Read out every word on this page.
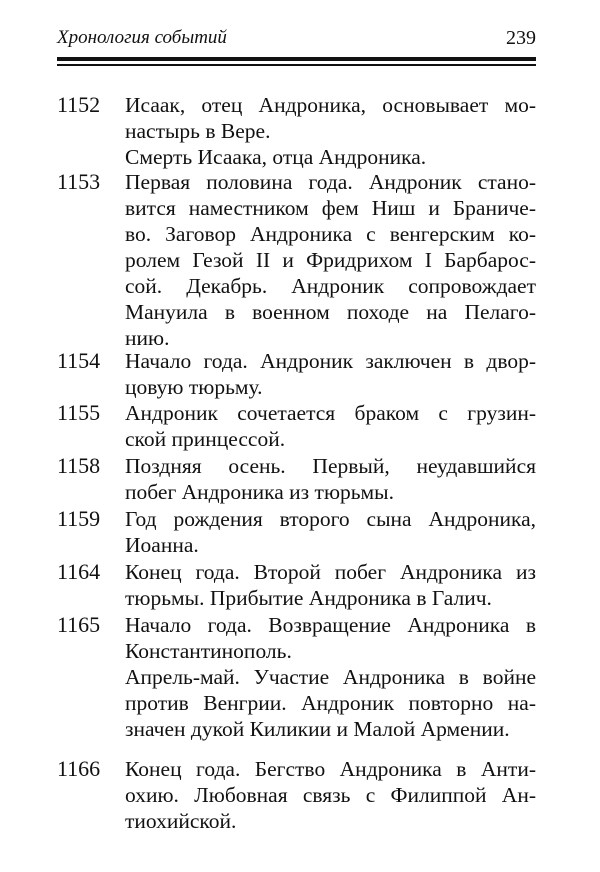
Хронология событий	239
1152 Исаак, отец Андроника, основывает мо-
настырь в Вере.
Смерть Исаака, отца Андроника.
1153 Первая половина года. Андроник стано-
вится наместником фем Ниш и Браниче-
во. Заговор Андроника с венгерским ко-
ролем Гезой II и Фридрихом I Барбарос-
сой. Декабрь. Андроник сопровождает
Мануила в военном походе на Пелаго-
нию.
1154 Начало года. Андроник заключен в двор-
цовую тюрьму.
1155 Андроник сочетается браком с грузин-
ской принцессой.
1158 Поздняя осень. Первый, неудавшийся
побег Андроника из тюрьмы.
1159 Год рождения второго сына Андроника,
Иоанна.
1164 Конец года. Второй побег Андроника из
тюрьмы. Прибытие Андроника в Галич.
1165 Начало года. Возвращение Андроника в
Константинополь.
Апрель-май. Участие Андроника в войне
против Венгрии. Андроник повторно на-
значен дукой Киликии и Малой Армении.
1166 Конец года. Бегство Андроника в Анти-
охию. Любовная связь с Филиппой Ан-
тиохийской.
